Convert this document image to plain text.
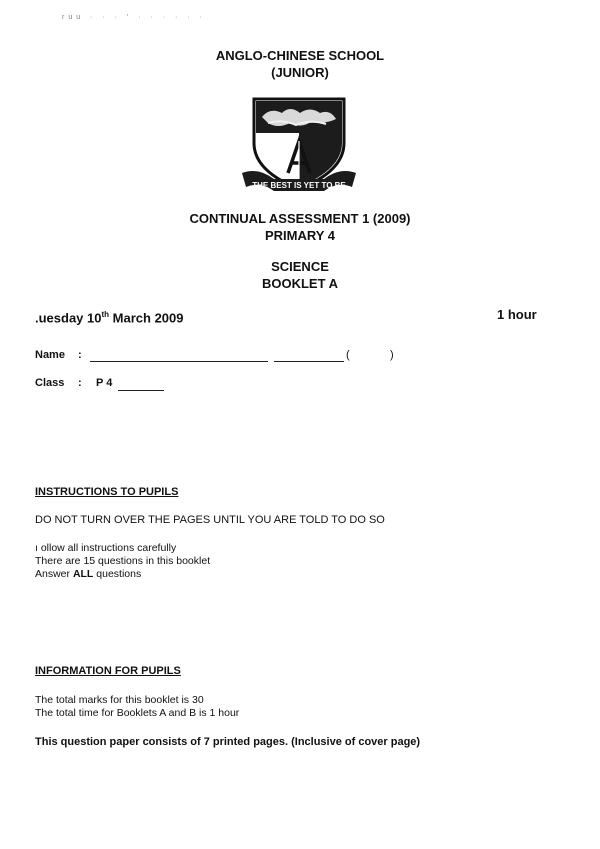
ruu · · · ′ · · · · · ·
ANGLO-CHINESE SCHOOL
(JUNIOR)
THE BEST IS YET TO BE
CONTINUAL ASSESSMENT 1 (2009)
PRIMARY 4
SCIENCE
BOOKLET A
.uesday 10th March 2009	1 hour
Name :	(	)
Class : P 4
INSTRUCTIONS TO PUPILS
DO NOT TURN OVER THE PAGES UNTIL YOU ARE TOLD TO DO SO
ı ollow all instructions carefully
There are 15 questions in this booklet
Answer ALL questions
INFORMATION FOR PUPILS
The total marks for this booklet is 30
The total time for Booklets A and B is 1 hour
This question paper consists of 7 printed pages. (Inclusive of cover page)
